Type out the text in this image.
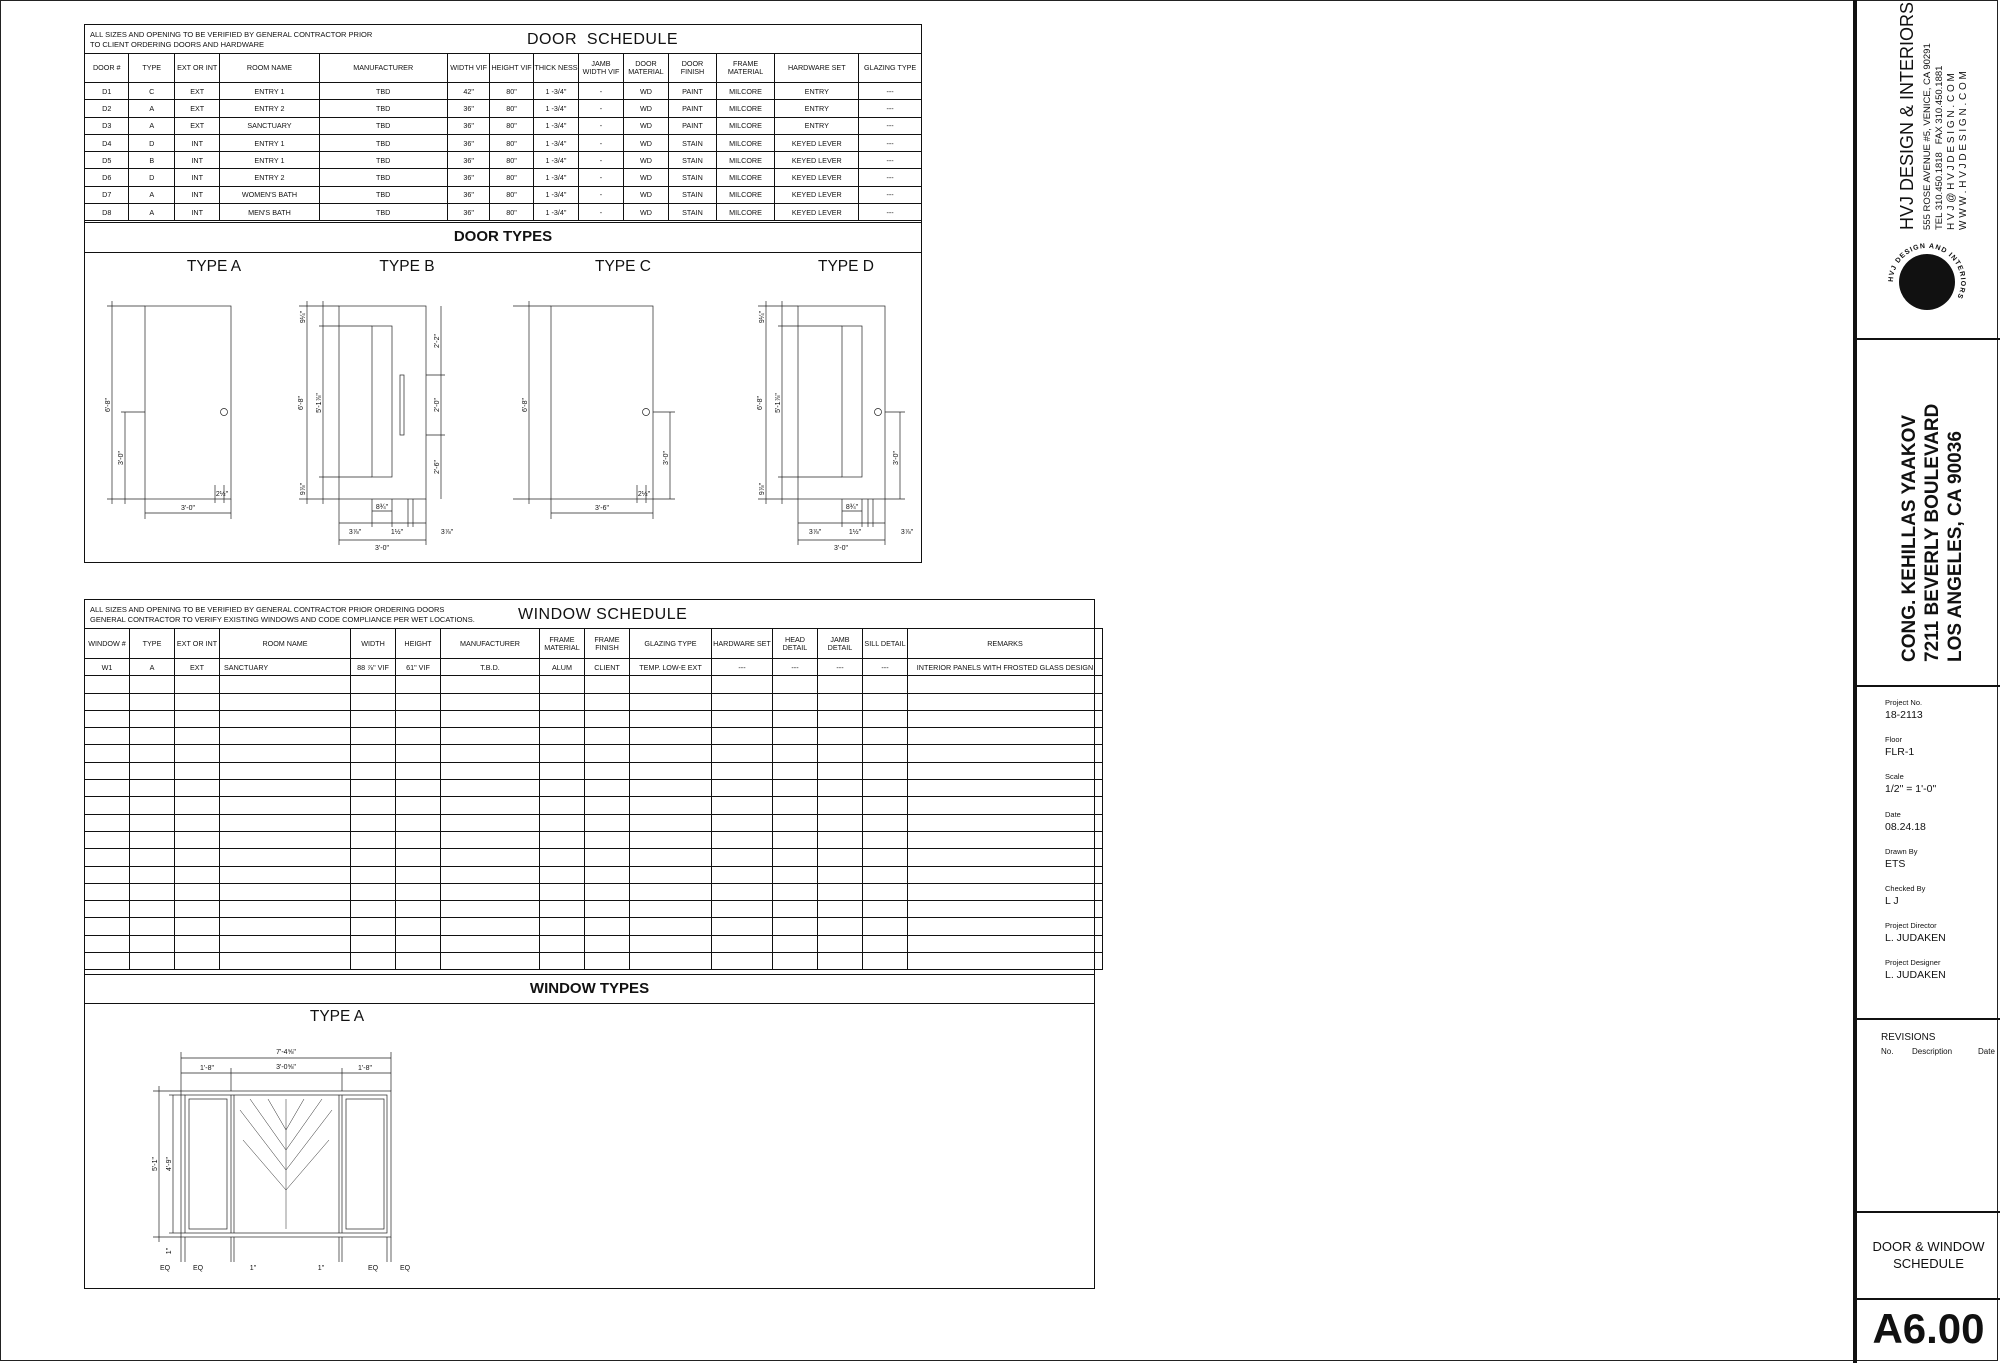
ALL SIZES AND OPENING TO BE VERIFIED BY GENERAL CONTRACTOR PRIOR
TO CLIENT ORDERING DOORS AND HARDWARE	DOOR  SCHEDULE
DOOR #	TYPE	EXT OR INT	ROOM NAME	MANUFACTURER	WIDTH VIF	HEIGHT VIF	THICK NESS	JAMB WIDTH VIF	DOOR MATERIAL	DOOR FINISH	FRAME MATERIAL	HARDWARE SET	GLAZING TYPE
D1	C	EXT	ENTRY 1	TBD	42"	80"	1 -3/4"	-	WD	PAINT	MILCORE	ENTRY	---
D2	A	EXT	ENTRY 2	TBD	36"	80"	1 -3/4"	-	WD	PAINT	MILCORE	ENTRY	---
D3	A	EXT	SANCTUARY	TBD	36"	80"	1 -3/4"	-	WD	PAINT	MILCORE	ENTRY	---
D4	D	INT	ENTRY 1	TBD	36"	80"	1 -3/4"	-	WD	STAIN	MILCORE	KEYED LEVER	---
D5	B	INT	ENTRY 1	TBD	36"	80"	1 -3/4"	-	WD	STAIN	MILCORE	KEYED LEVER	---
D6	D	INT	ENTRY 2	TBD	36"	80"	1 -3/4"	-	WD	STAIN	MILCORE	KEYED LEVER	---
D7	A	INT	WOMEN'S BATH	TBD	36"	80"	1 -3/4"	-	WD	STAIN	MILCORE	KEYED LEVER	---
D8	A	INT	MEN'S BATH	TBD	36"	80"	1 -3/4"	-	WD	STAIN	MILCORE	KEYED LEVER	---
DOOR TYPES
TYPE A	TYPE B	TYPE C	TYPE D
6'-8"
3'-0"
2½"
3'-0"
9¼"
5'-1⅞"
9⅞"
6'-8"
2'-2"
2'-0"
2'-6"
8¾"
3⅞"	1½"	3⅞"
3'-0"
6'-8"
3'-0"
2½"
3'-6"
9¼"
5'-1⅞"
9⅞"
6'-8"
3'-0"
8¾"
3⅞"	1½"	3⅞"
3'-0"
ALL SIZES AND OPENING TO BE VERIFIED BY GENERAL CONTRACTOR PRIOR ORDERING DOORS
GENERAL CONTRACTOR TO VERIFY EXISTING WINDOWS AND CODE COMPLIANCE PER WET LOCATIONS.	WINDOW SCHEDULE
WINDOW #	TYPE	EXT OR INT	ROOM NAME	WIDTH	HEIGHT	MANUFACTURER	FRAME MATERIAL	FRAME FINISH	GLAZING TYPE	HARDWARE SET	HEAD DETAIL	JAMB DETAIL	SILL DETAIL	REMARKS
W1	A	EXT	SANCTUARY	88 ⅞" VIF	61" VIF	T.B.D.	ALUM	CLIENT	TEMP. LOW-E EXT	---	---	---	---	INTERIOR PANELS WITH FROSTED GLASS DESIGN

WINDOW TYPES
TYPE A
7'-4⅝"
1'-8"	3'-0⅝"	1'-8"
5'-1" 4'-9"
1"
EQ	EQ	1"	1"	EQ	EQ
HVJ DESIGN & INTERIORS 555 ROSE AVENUE #5, VENICE, CA 90291 TEL 310.450.1818   FAX 310.450.1881 H V J @ H V J D E S I G N . C O M W W W . H V J D E S I G N . C O M
HVJ DESIGN AND INTERIORS
CONG. KEHILLAS YAAKOV 7211 BEVERLY BOULEVARD LOS ANGELES, CA 90036
Project No.
18-2113
Floor
FLR-1
Scale
1/2" = 1'-0"
Date
08.24.18
Drawn By
ETS
Checked By
L J
Project Director
L. JUDAKEN
Project Designer
L. JUDAKEN
REVISIONS
No. Description	Date
DOOR & WINDOW
SCHEDULE
A6.00
